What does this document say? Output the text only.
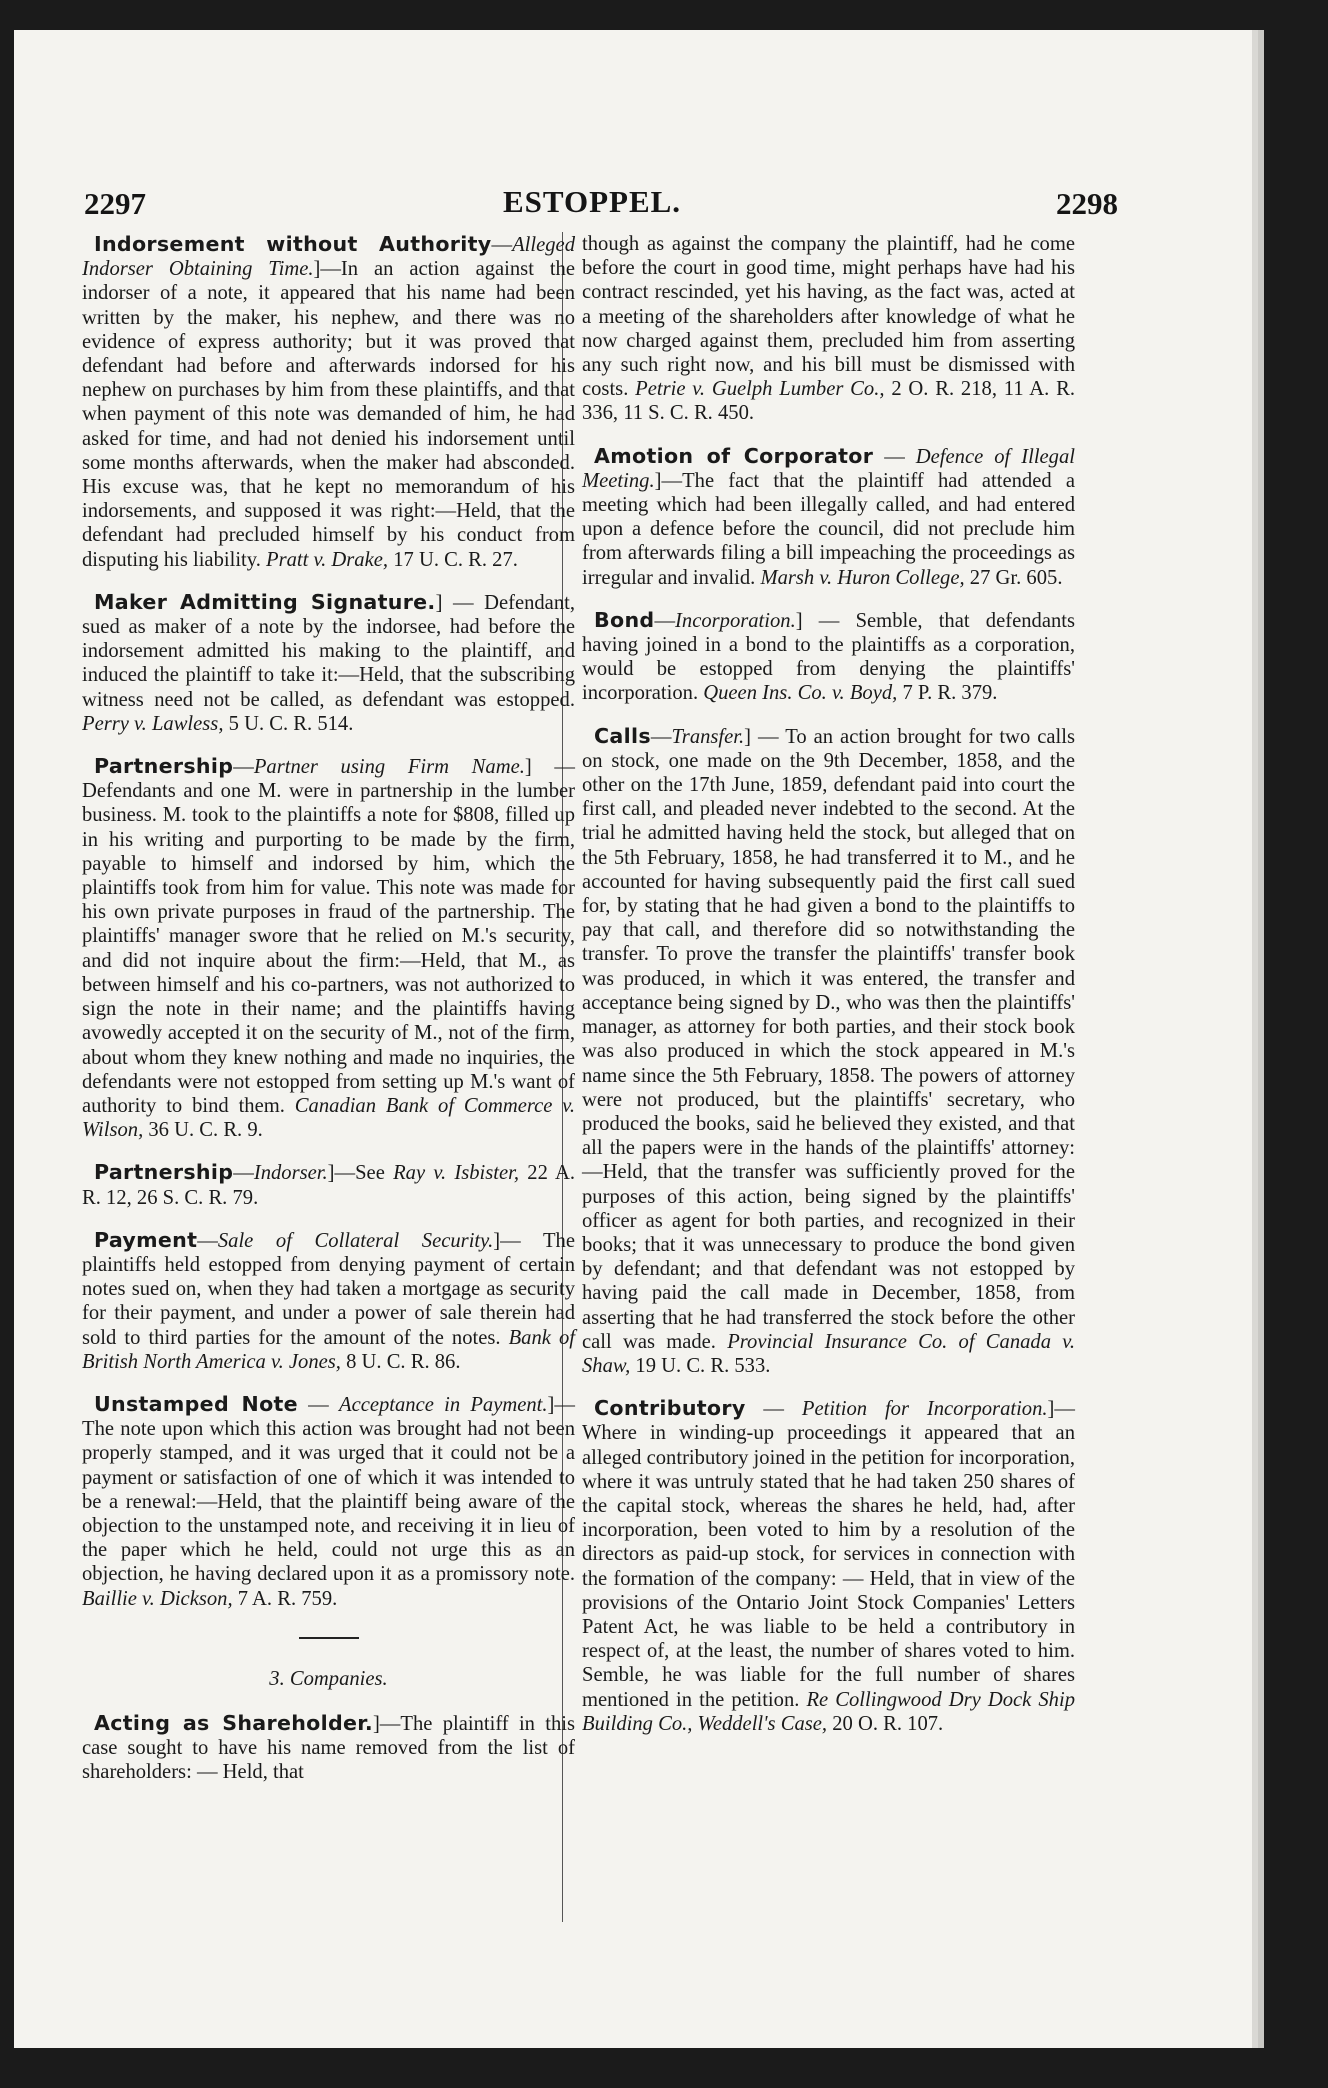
2297	ESTOPPEL.	2298

Indorsement without Authority—Alleged Indorser Obtaining Time.]—In an action against the indorser of a note, it appeared that his name had been written by the maker, his nephew, and there was no evidence of express authority; but it was proved that defendant had before and afterwards indorsed for his nephew on purchases by him from these plaintiffs, and that when payment of this note was demanded of him, he had asked for time, and had not denied his indorsement until some months afterwards, when the maker had absconded. His excuse was, that he kept no memorandum of his indorsements, and supposed it was right:—Held, that the defendant had precluded himself by his conduct from disputing his liability. Pratt v. Drake, 17 U. C. R. 27.

Maker Admitting Signature.] — Defendant, sued as maker of a note by the indorsee, had before the indorsement admitted his making to the plaintiff, and induced the plaintiff to take it:—Held, that the subscribing witness need not be called, as defendant was estopped. Perry v. Lawless, 5 U. C. R. 514.

Partnership—Partner using Firm Name.] —Defendants and one M. were in partnership in the lumber business. M. took to the plaintiffs a note for $808, filled up in his writing and purporting to be made by the firm, payable to himself and indorsed by him, which the plaintiffs took from him for value. This note was made for his own private purposes in fraud of the partnership. The plaintiffs' manager swore that he relied on M.'s security, and did not inquire about the firm:—Held, that M., as between himself and his co-partners, was not authorized to sign the note in their name; and the plaintiffs having avowedly accepted it on the security of M., not of the firm, about whom they knew nothing and made no inquiries, the defendants were not estopped from setting up M.'s want of authority to bind them. Canadian Bank of Commerce v. Wilson, 36 U. C. R. 9.

Partnership—Indorser.]—See Ray v. Isbister, 22 A. R. 12, 26 S. C. R. 79.

Payment—Sale of Collateral Security.]— The plaintiffs held estopped from denying payment of certain notes sued on, when they had taken a mortgage as security for their payment, and under a power of sale therein had sold to third parties for the amount of the notes. Bank of British North America v. Jones, 8 U. C. R. 86.

Unstamped Note — Acceptance in Payment.]—The note upon which this action was brought had not been properly stamped, and it was urged that it could not be a payment or satisfaction of one of which it was intended to be a renewal:—Held, that the plaintiff being aware of the objection to the unstamped note, and receiving it in lieu of the paper which he held, could not urge this as an objection, he having declared upon it as a promissory note. Baillie v. Dickson, 7 A. R. 759.

3. Companies.

Acting as Shareholder.]—The plaintiff in this case sought to have his name removed from the list of shareholders: — Held, that

though as against the company the plaintiff, had he come before the court in good time, might perhaps have had his contract rescinded, yet his having, as the fact was, acted at a meeting of the shareholders after knowledge of what he now charged against them, precluded him from asserting any such right now, and his bill must be dismissed with costs. Petrie v. Guelph Lumber Co., 2 O. R. 218, 11 A. R. 336, 11 S. C. R. 450.

Amotion of Corporator — Defence of Illegal Meeting.]—The fact that the plaintiff had attended a meeting which had been illegally called, and had entered upon a defence before the council, did not preclude him from afterwards filing a bill impeaching the proceedings as irregular and invalid. Marsh v. Huron College, 27 Gr. 605.

Bond—Incorporation.] — Semble, that defendants having joined in a bond to the plaintiffs as a corporation, would be estopped from denying the plaintiffs' incorporation. Queen Ins. Co. v. Boyd, 7 P. R. 379.

Calls—Transfer.] — To an action brought for two calls on stock, one made on the 9th December, 1858, and the other on the 17th June, 1859, defendant paid into court the first call, and pleaded never indebted to the second. At the trial he admitted having held the stock, but alleged that on the 5th February, 1858, he had transferred it to M., and he accounted for having subsequently paid the first call sued for, by stating that he had given a bond to the plaintiffs to pay that call, and therefore did so notwithstanding the transfer. To prove the transfer the plaintiffs' transfer book was produced, in which it was entered, the transfer and acceptance being signed by D., who was then the plaintiffs' manager, as attorney for both parties, and their stock book was also produced in which the stock appeared in M.'s name since the 5th February, 1858. The powers of attorney were not produced, but the plaintiffs' secretary, who produced the books, said he believed they existed, and that all the papers were in the hands of the plaintiffs' attorney:—Held, that the transfer was sufficiently proved for the purposes of this action, being signed by the plaintiffs' officer as agent for both parties, and recognized in their books; that it was unnecessary to produce the bond given by defendant; and that defendant was not estopped by having paid the call made in December, 1858, from asserting that he had transferred the stock before the other call was made. Provincial Insurance Co. of Canada v. Shaw, 19 U. C. R. 533.

Contributory — Petition for Incorporation.]—Where in winding-up proceedings it appeared that an alleged contributory joined in the petition for incorporation, where it was untruly stated that he had taken 250 shares of the capital stock, whereas the shares he held, had, after incorporation, been voted to him by a resolution of the directors as paid-up stock, for services in connection with the formation of the company: — Held, that in view of the provisions of the Ontario Joint Stock Companies' Letters Patent Act, he was liable to be held a contributory in respect of, at the least, the number of shares voted to him. Semble, he was liable for the full number of shares mentioned in the petition. Re Collingwood Dry Dock Ship Building Co., Weddell's Case, 20 O. R. 107.
